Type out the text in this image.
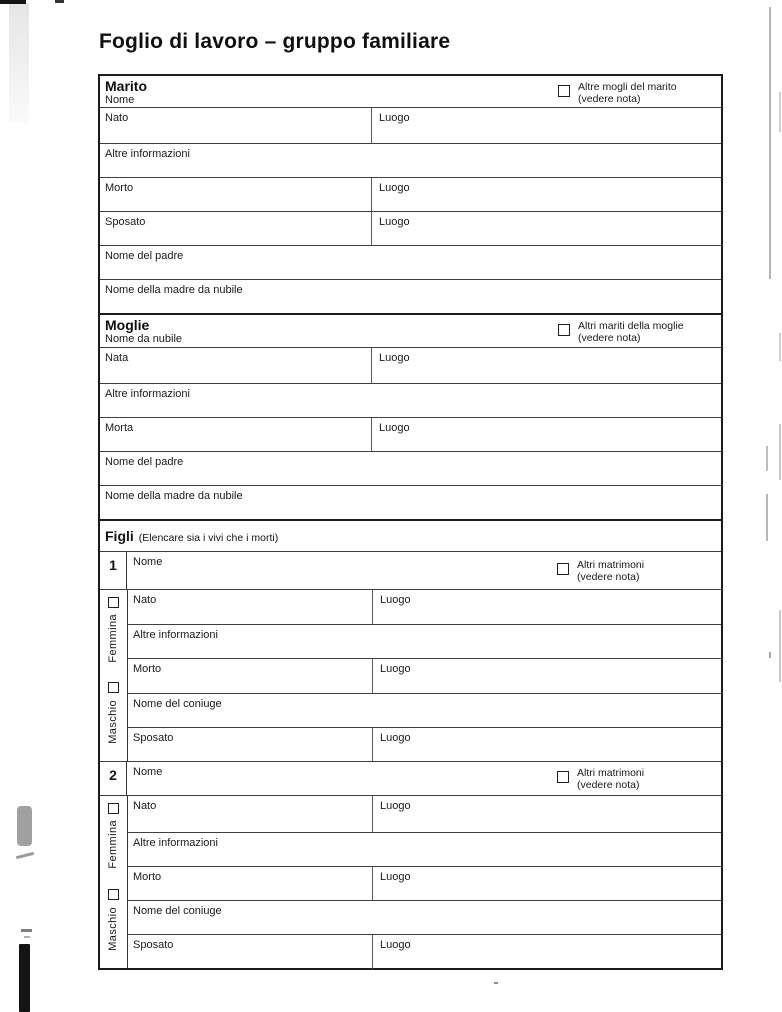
Foglio di lavoro – gruppo familiare
Marito
Nome
Altre mogli del marito
(vedere nota)
Nato	Luogo
Altre informazioni
Morto	Luogo
Sposato	Luogo
Nome del padre
Nome della madre da nubile
Moglie
Nome da nubile
Altri mariti della moglie
(vedere nota)
Nata	Luogo
Altre informazioni
Morta	Luogo
Nome del padre
Nome della madre da nubile
Figli (Elencare sia i vivi che i morti)
1	Nome	Altri matrimoni
(vedere nota)
Femmina
Maschio
Nato	Luogo
Altre informazioni
Morto	Luogo
Nome del coniuge
Sposato	Luogo
2	Nome	Altri matrimoni
(vedere nota)
Femmina
Maschio
Nato	Luogo
Altre informazioni
Morto	Luogo
Nome del coniuge
Sposato	Luogo
